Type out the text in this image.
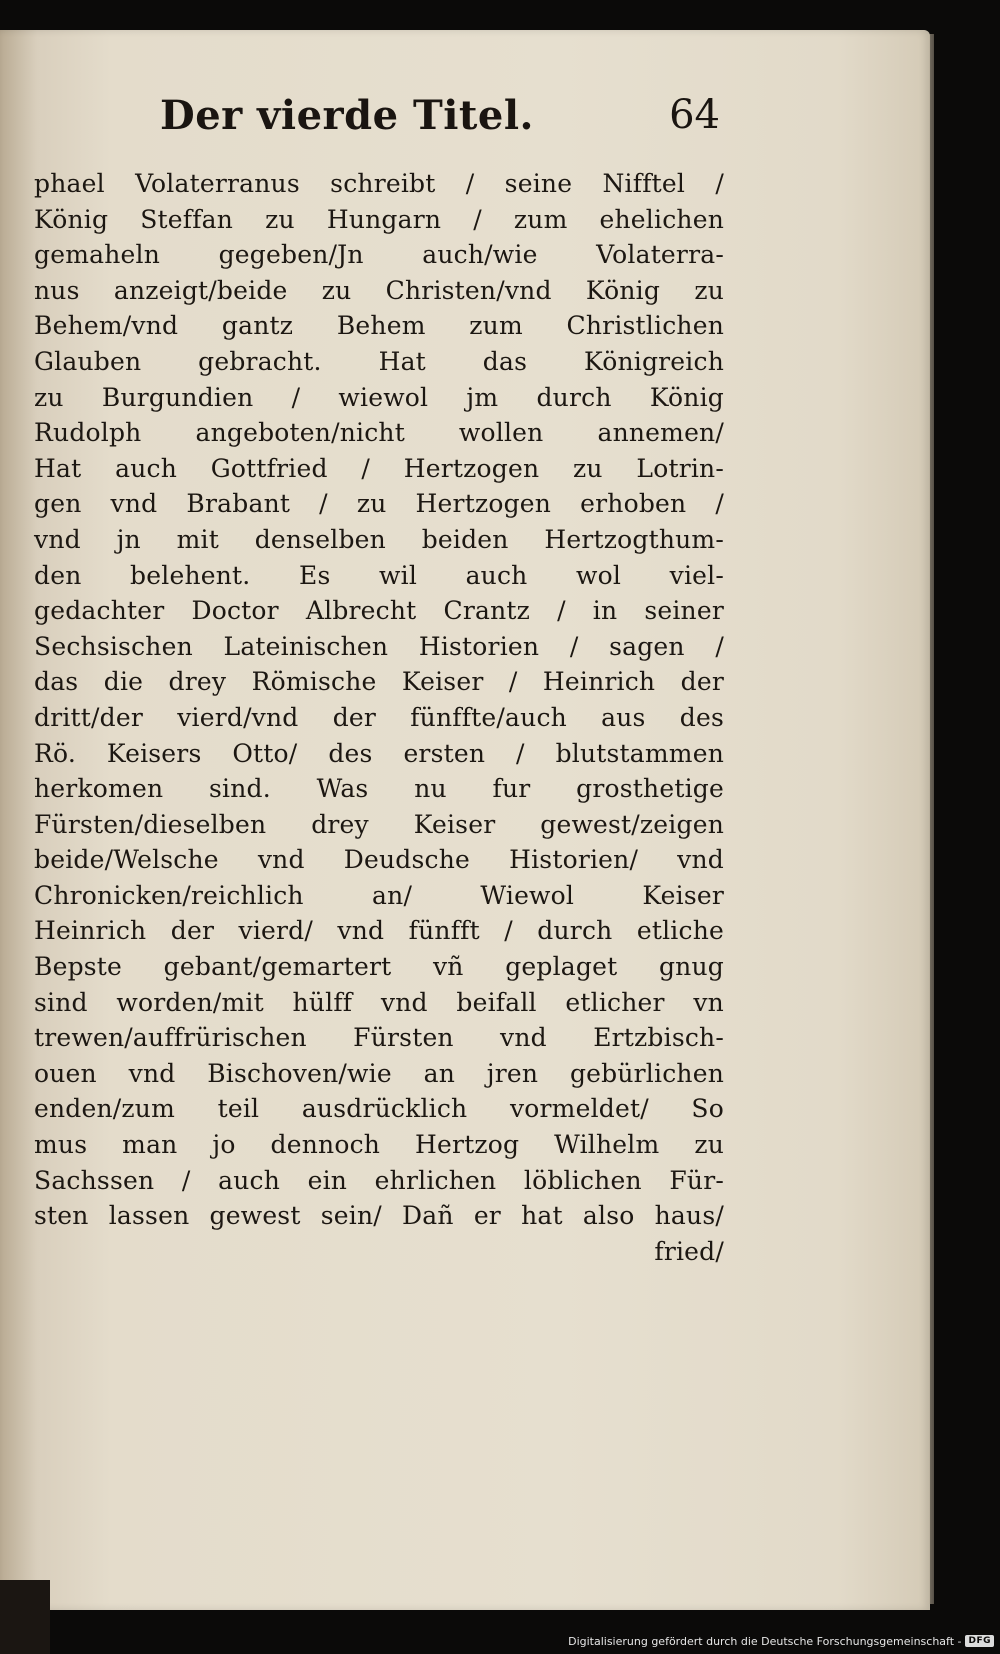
Der vierde Titel.	64
phael Volaterranus schreibt / seine Nifftel /
König Steffan zu Hungarn / zum ehelichen
gemaheln gegeben/Jn auch/wie Volaterra-
nus anzeigt/beide zu Christen/vnd König zu
Behem/vnd gantz Behem zum Christlichen
Glauben gebracht. Hat das Königreich
zu Burgundien / wiewol jm durch König
Rudolph angeboten/nicht wollen annemen/
Hat auch Gottfried / Hertzogen zu Lotrin-
gen vnd Brabant / zu Hertzogen erhoben /
vnd jn mit denselben beiden Hertzogthum-
den belehent. Es wil auch wol viel-
gedachter Doctor Albrecht Crantz / in seiner
Sechsischen Lateinischen Historien / sagen /
das die drey Römische Keiser / Heinrich der
dritt/der vierd/vnd der fünffte/auch aus des
Rö. Keisers Otto/ des ersten / blutstammen
herkomen sind. Was nu fur grosthetige
Fürsten/dieselben drey Keiser gewest/zeigen
beide/Welsche vnd Deudsche Historien/ vnd
Chronicken/reichlich an/ Wiewol Keiser
Heinrich der vierd/ vnd fünfft / durch etliche
Bepste gebant/gemartert vñ geplaget gnug
sind worden/mit hülff vnd beifall etlicher vn
trewen/auffrürischen Fürsten vnd Ertzbisch-
ouen vnd Bischoven/wie an jren gebürlichen
enden/zum teil ausdrücklich vormeldet/ So
mus man jo dennoch Hertzog Wilhelm zu
Sachssen / auch ein ehrlichen löblichen Für-
sten lassen gewest sein/ Dañ er hat also haus/
fried/
Digitalisierung gefördert durch die Deutsche Forschungsgemeinschaft - DFG
